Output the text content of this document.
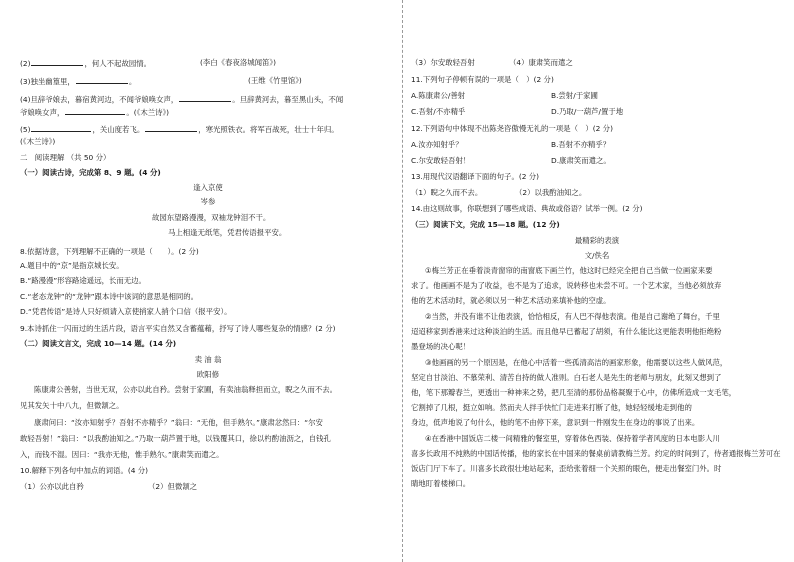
(2)	，何人不起故园情。	(李白《春夜洛城闻笛》)
(3)独坐幽篁里，	。	(王维《竹里馆》)
(4)旦辞爷娘去，暮宿黄河边，不闻爷娘唤女声，	。旦辞黄河去，暮至黑山头，不闻
爷娘唤女声，	。(《木兰诗》)
(5)	，关山度若飞。	，寒光照铁衣。将军百战死，壮士十年归。
(《木兰诗》)
二　阅读理解 （共 50 分）
（一）阅读古诗，完成第 8、9 题。(4 分)
逢入京使
岑参
故园东望路漫漫，双袖龙钟泪不干。
马上相逢无纸笔，凭君传语报平安。
8.依据诗意，下列理解不正确的一项是（　　）。(2 分)
A.题目中的“京”是指京城长安。
B.“路漫漫”形容路途遥远，长而无边。
C.“老态龙钟”的“龙钟”跟本诗中该词的意思是相同的。
D.“凭君传语”是诗人只好烦请入京使捎家人捎个口信（报平安）。
9.本诗抓住一闪而过的生活片段，语言平实自然又含蓄蕴藉，抒写了诗人哪些复杂的情感？(2 分)
（二）阅读文言文，完成 10—14 题。(14 分)
卖 油 翁
欧阳修
陈康肃公善射，当世无双，公亦以此自矜。尝射于家圃，有卖油翁释担而立，睨之久而不去。
见其发矢十中八九，但微颔之。
康肃问曰：“汝亦知射乎？吾射不亦精乎？”翁曰：“无他，但手熟尔。”康肃忿然曰：“尔安
敢轻吾射！”翁曰：“以我酌油知之。”乃取一葫芦置于地，以钱覆其口，徐以杓酌油沥之，自钱孔
入，而钱不湿。因曰：“我亦无他，惟手熟尔。”康肃笑而遣之。
10.解释下列各句中加点的词语。(4 分)
（1）公亦以此自矜	（2）但微颔之
（3）尔安敢轻吾射	（4）康肃笑而遣之
11.下列句子停顿有误的一项是（　）(2 分)
A.陈康肃公/善射	B.尝射/于家圃
C.吾射/不亦精乎	D.乃取/一葫芦/置于地
12.下列语句中体现不出陈尧咨傲慢无礼的一项是（　）(2 分)
A.汝亦知射乎？	B.吾射不亦精乎？
C.尔安敢轻吾射！	D.康肃笑而遣之。
13.用现代汉语翻译下面的句子。(2 分)
（1）睨之久而不去。	（2）以我酌油知之。
14.由这则故事，你联想到了哪些成语、典故或俗语？试举一例。(2 分)
（三）阅读下文，完成 15—18 题。(12 分)
最精彩的表演
文/佚名
①梅兰芳正在垂着淡青窗帘的南窗底下画兰竹，他这时已经完全把自己当做一位画家来要
求了。他画画不是为了收益，也不是为了追求，说转移也未尝不可。一个艺术家，当他必须放弃
他的艺术活动时，就必须以另一种艺术活动来填补他的空虚。
②当然，并没有谁不让他表演，恰恰相反，有人巴不得他表演。他是自己谢绝了舞台，千里
迢迢移家到香港来过这种淡泊的生活。而且他早已蓄起了胡须，有什么能比这更能表明他拒绝粉
墨登场的决心呢！
③他画画的另一个原因是，在他心中活着一些孤清高洁的画家形象，他需要以这些人做风范，
坚定自甘淡泊、不慕荣利、清苦自持的做人准则。白石老人是先生的老师与朋友，此刻又想到了
他，笔下那瓣春兰，更透出一种神来之势，把几至清的那份品格凝聚于心中，仿佛所造成一支毛笔，
它割掉了几根，挺立如响。然而夫人拌手快忙门走进来打断了他，她轻轻缓地走到他的
身边，低声地说了句什么，他的笔不由停下来，意识到一件刚发生在身边的事说了出来。
④在香港中国饭店二楼一间精雅的餐室里，穿着体色西装、保持着学者风度的日本电影人川
喜多长政用不纯熟的中国话传播，他的家长在中国来的餐桌前请教梅兰芳。约定的时间到了，侍者通报梅兰芳可在
饭店门厅下车了。川喜多长政很壮地站起来，歪给张着细一个关照的眼色，便走出餐室门外。时
睛地盯着楼梯口。
